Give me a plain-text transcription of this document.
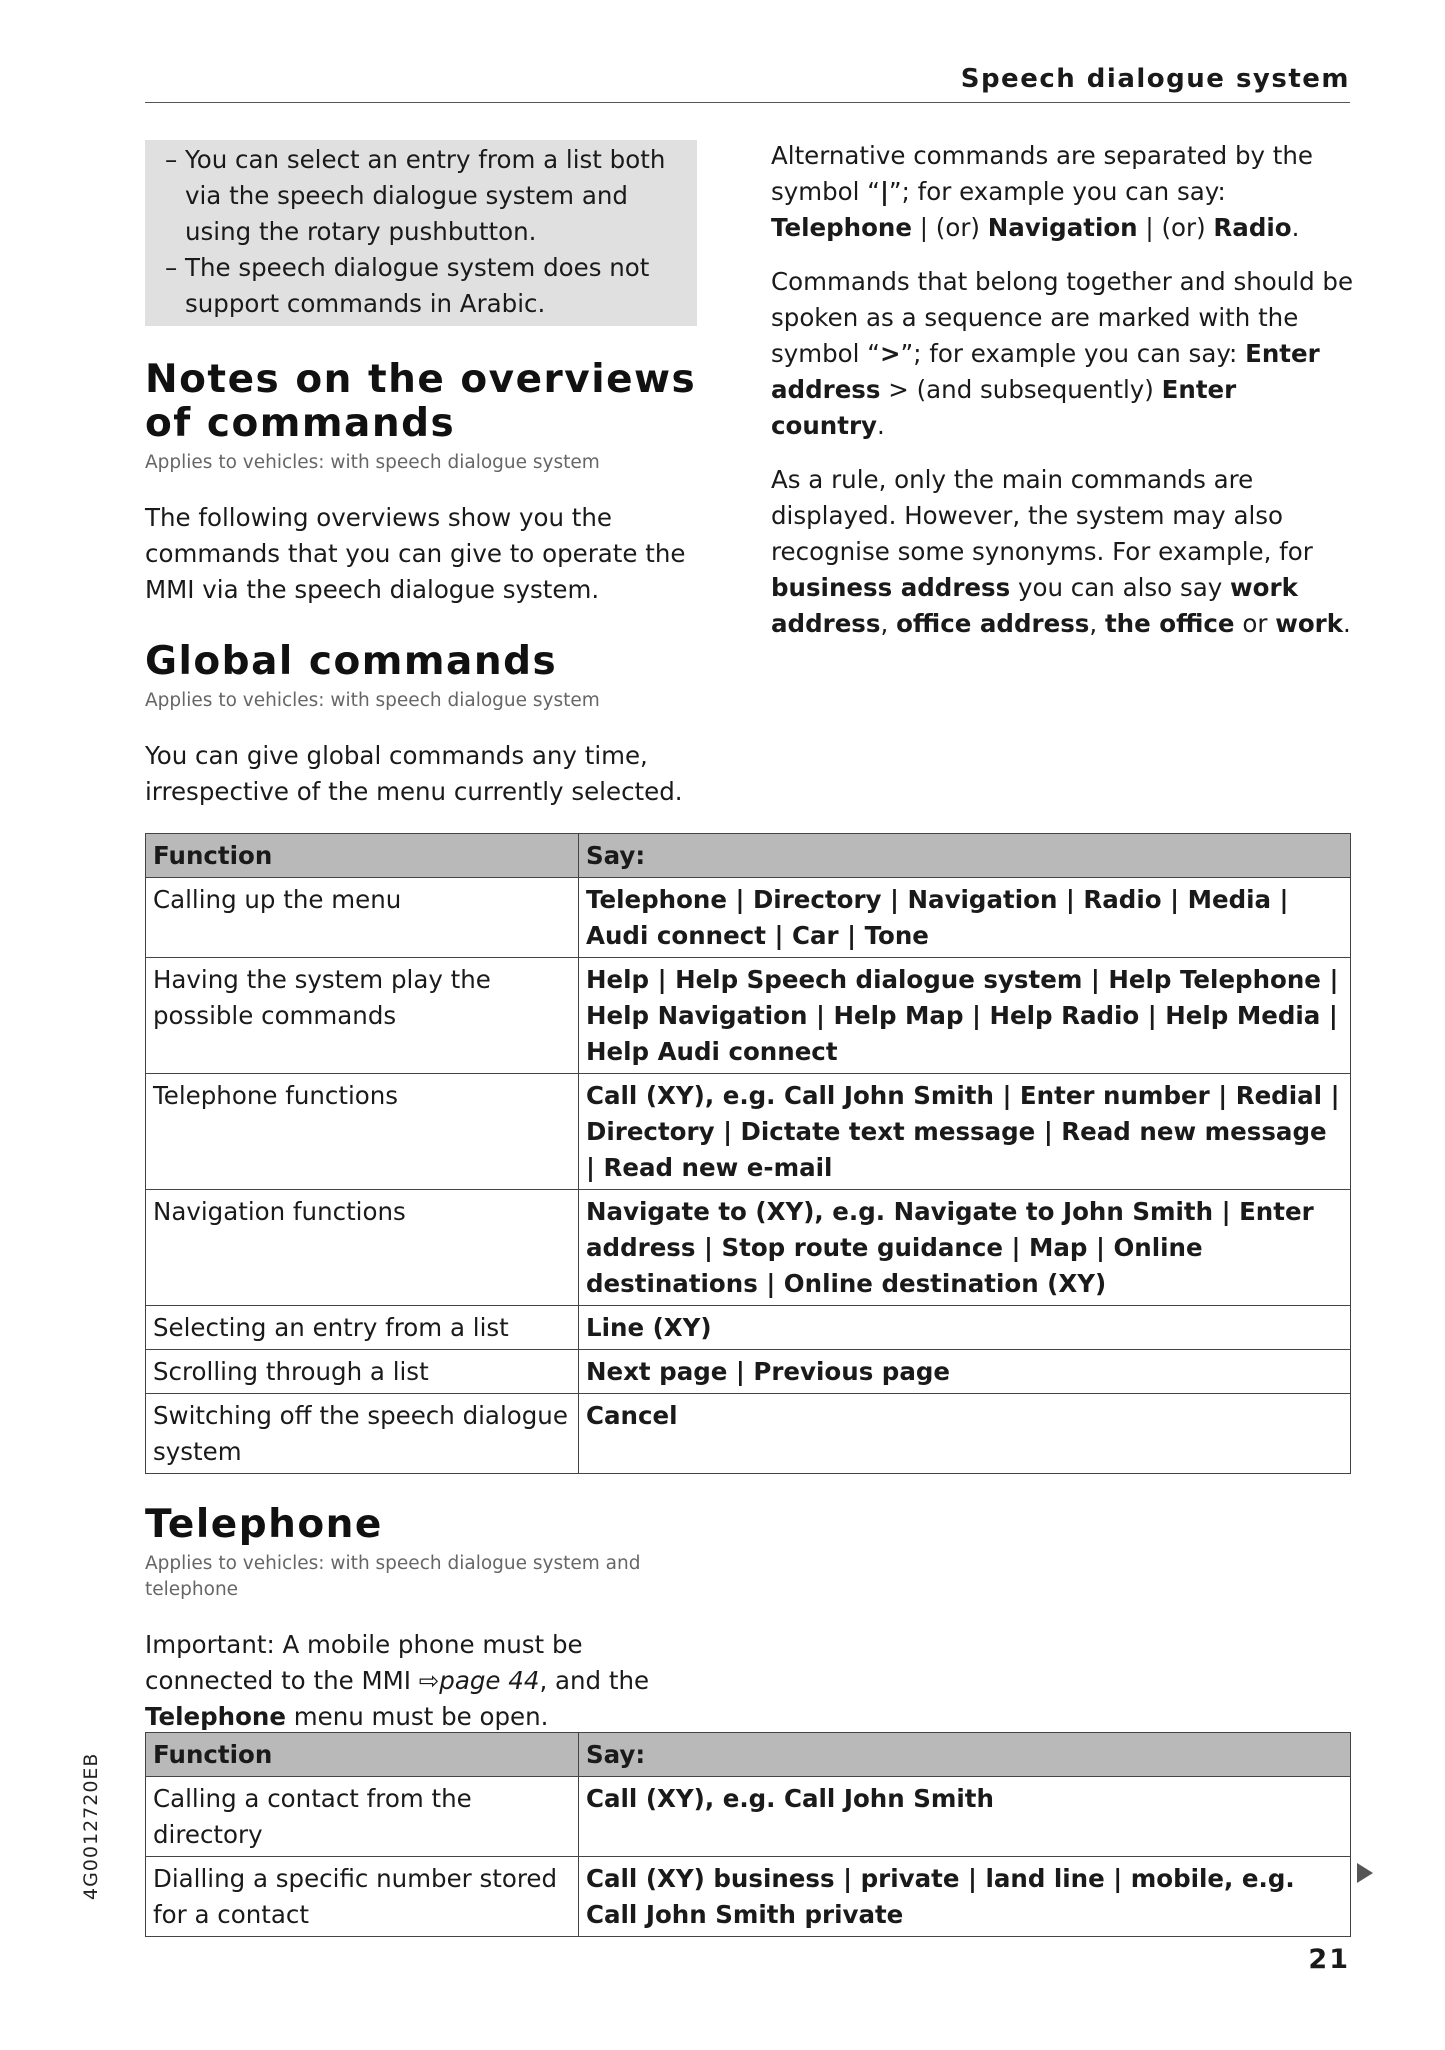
Speech dialogue system
– You can select an entry from a list both via the speech dialogue system and using the rotary pushbutton.
– The speech dialogue system does not support commands in Arabic.
Notes on the overviews of commands
Applies to vehicles: with speech dialogue system

The following overviews show you the commands that you can give to operate the MMI via the speech dialogue system.

Alternative commands are separated by the symbol “|”; for example you can say: Telephone | (or) Navigation | (or) Radio.

Commands that belong together and should be spoken as a sequence are marked with the symbol “>”; for example you can say: Enter address > (and subsequently) Enter country.

As a rule, only the main commands are displayed. However, the system may also recognise some synonyms. For example, for business address you can also say work address, office address, the office or work.

Global commands
Applies to vehicles: with speech dialogue system

You can give global commands any time, irrespective of the menu currently selected.

Function	Say:
Calling up the menu	Telephone | Directory | Navigation | Radio | Media | Audi connect | Car | Tone
Having the system play the possible commands	Help | Help Speech dialogue system | Help Telephone | Help Navigation | Help Map | Help Radio | Help Media | Help Audi connect
Telephone functions	Call (XY), e.g. Call John Smith | Enter number | Redial | Directory | Dictate text message | Read new message | Read new e-mail
Navigation functions	Navigate to (XY), e.g. Navigate to John Smith | Enter address | Stop route guidance | Map | Online destinations | Online destination (XY)
Selecting an entry from a list	Line (XY)
Scrolling through a list	Next page | Previous page
Switching off the speech dialogue system	Cancel
Telephone
Applies to vehicles: with speech dialogue system and telephone

Important: A mobile phone must be connected to the MMI ⇨page 44, and the Telephone menu must be open.

Function	Say:
Calling a contact from the directory	Call (XY), e.g. Call John Smith
Dialling a specific number stored for a contact	Call (XY) business | private | land line | mobile, e.g. Call John Smith private
4G0012720EB
21
